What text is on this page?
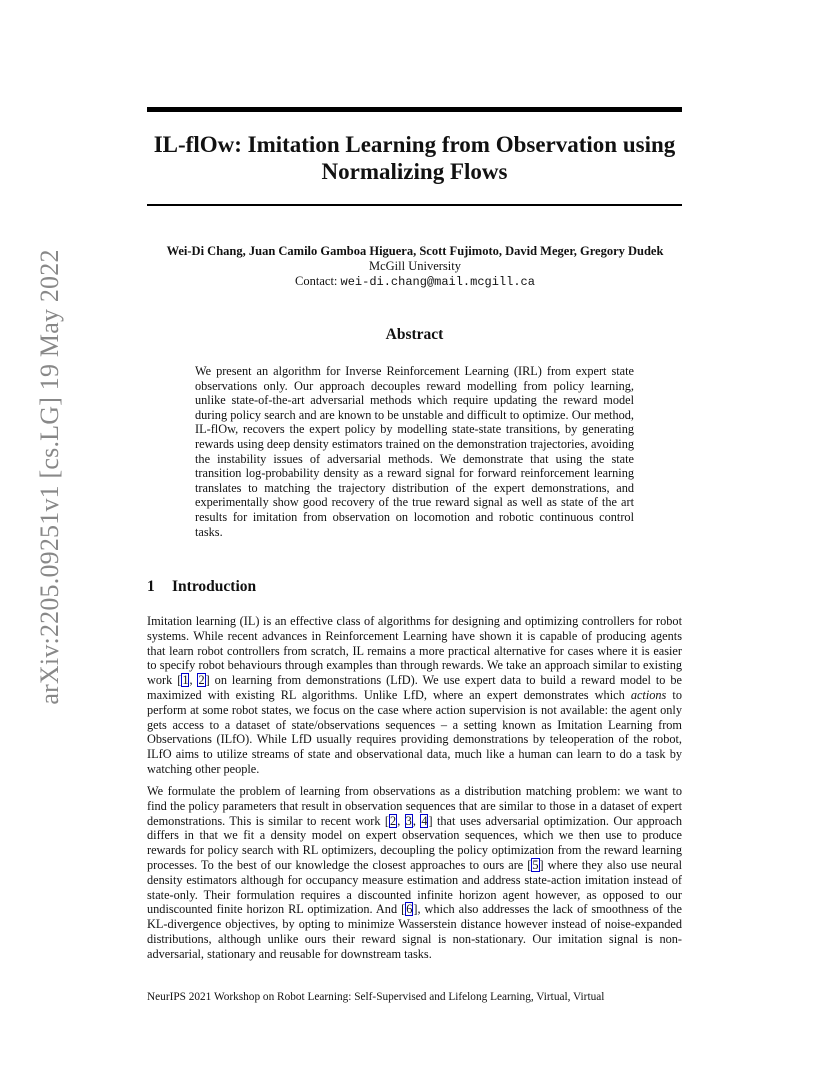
arXiv:2205.09251v1 [cs.LG] 19 May 2022
IL-flOw: Imitation Learning from Observation using Normalizing Flows
Wei-Di Chang, Juan Camilo Gamboa Higuera, Scott Fujimoto, David Meger, Gregory Dudek
McGill University
Contact: wei-di.chang@mail.mcgill.ca
Abstract

We present an algorithm for Inverse Reinforcement Learning (IRL) from expert state observations only. Our approach decouples reward modelling from policy learning, unlike state-of-the-art adversarial methods which require updating the reward model during policy search and are known to be unstable and difficult to optimize. Our method, IL-flOw, recovers the expert policy by modelling state-state transitions, by generating rewards using deep density estimators trained on the demonstration trajectories, avoiding the instability issues of adversarial methods. We demonstrate that using the state transition log-probability density as a reward signal for forward reinforcement learning translates to matching the trajectory distribution of the expert demonstrations, and experimentally show good recovery of the true reward signal as well as state of the art results for imitation from observation on locomotion and robotic continuous control tasks.

1 Introduction

Imitation learning (IL) is an effective class of algorithms for designing and optimizing controllers for robot systems. While recent advances in Reinforcement Learning have shown it is capable of producing agents that learn robot controllers from scratch, IL remains a more practical alternative for cases where it is easier to specify robot behaviours through examples than through rewards. We take an approach similar to existing work [1, 2] on learning from demonstrations (LfD). We use expert data to build a reward model to be maximized with existing RL algorithms. Unlike LfD, where an expert demonstrates which actions to perform at some robot states, we focus on the case where action supervision is not available: the agent only gets access to a dataset of state/observations sequences – a setting known as Imitation Learning from Observations (ILfO). While LfD usually requires providing demonstrations by teleoperation of the robot, ILfO aims to utilize streams of state and observational data, much like a human can learn to do a task by watching other people.

We formulate the problem of learning from observations as a distribution matching problem: we want to find the policy parameters that result in observation sequences that are similar to those in a dataset of expert demonstrations. This is similar to recent work [2, 3, 4] that uses adversarial optimization. Our approach differs in that we fit a density model on expert observation sequences, which we then use to produce rewards for policy search with RL optimizers, decoupling the policy optimization from the reward learning processes. To the best of our knowledge the closest approaches to ours are [5] where they also use neural density estimators although for occupancy measure estimation and address state-action imitation instead of state-only. Their formulation requires a discounted infinite horizon agent however, as opposed to our undiscounted finite horizon RL optimization. And [6], which also addresses the lack of smoothness of the KL-divergence objectives, by opting to minimize Wasserstein distance however instead of noise-expanded distributions, although unlike ours their reward signal is non-stationary. Our imitation signal is non-adversarial, stationary and reusable for downstream tasks.

NeurIPS 2021 Workshop on Robot Learning: Self-Supervised and Lifelong Learning, Virtual, Virtual
